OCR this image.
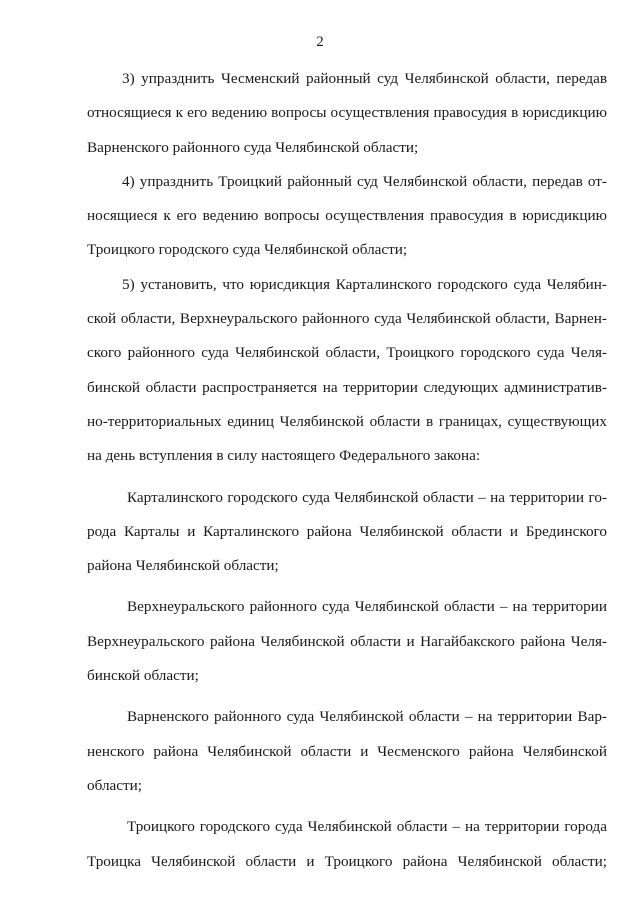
2
3) упразднить Чесменский районный суд Челябинской области, передав
относящиеся к его ведению вопросы осуществления правосудия в юрисдикцию
Варненского районного суда Челябинской области;
4) упразднить Троицкий районный суд Челябинской области, передав от-
носящиеся к его ведению вопросы осуществления правосудия в юрисдикцию
Троицкого городского суда Челябинской области;
5) установить, что юрисдикция Карталинского городского суда Челябин-
ской области, Верхнеуральского районного суда Челябинской области, Варнен-
ского районного суда Челябинской области, Троицкого городского суда Челя-
бинской области распространяется на территории следующих административ-
но-территориальных единиц Челябинской области в границах, существующих
на день вступления в силу настоящего Федерального закона:
Карталинского городского суда Челябинской области – на территории го-
рода Карталы и Карталинского района Челябинской области и Брединского
района Челябинской области;
Верхнеуральского районного суда Челябинской области – на территории
Верхнеуральского района Челябинской области и Нагайбакского района Челя-
бинской области;
Варненского районного суда Челябинской области – на территории Вар-
ненского района Челябинской области и Чесменского района Челябинской
области;
Троицкого городского суда Челябинской области – на территории города
Троицка Челябинской области и Троицкого района Челябинской области;
